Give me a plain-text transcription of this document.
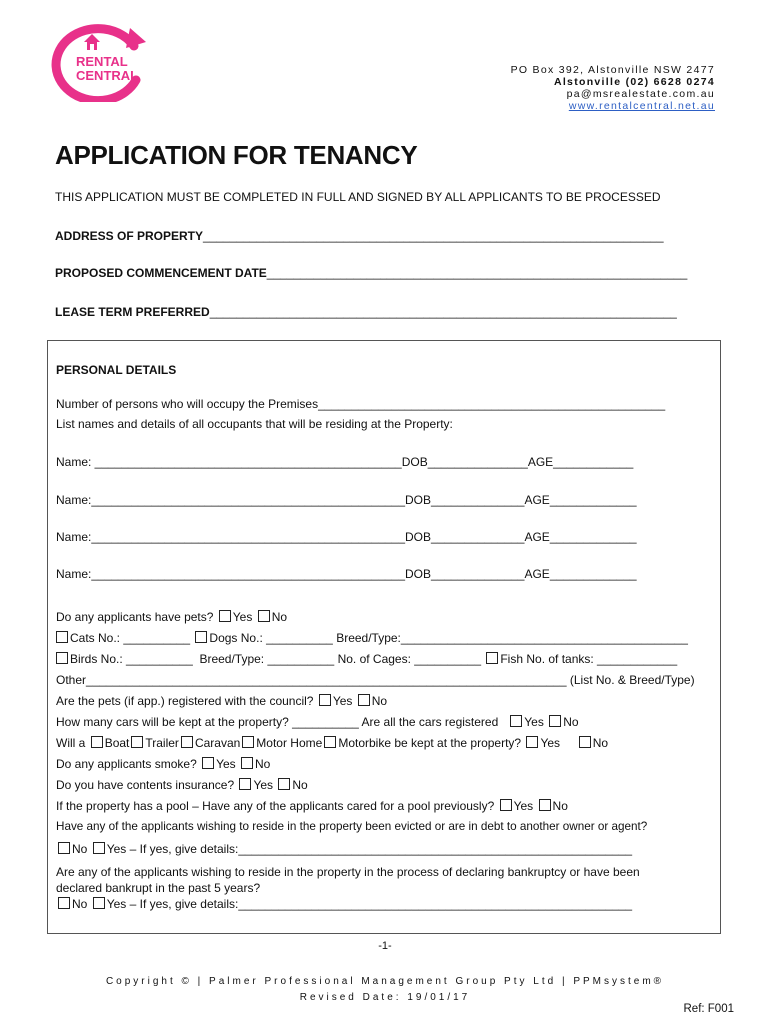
RENTAL
CENTRAL	PO Box 392, Alstonville NSW 2477
Alstonville (02) 6628 0274
pa@msrealestate.com.au
www.rentalcentral.net.au
APPLICATION FOR TENANCY
THIS APPLICATION MUST BE COMPLETED IN FULL AND SIGNED BY ALL APPLICANTS TO BE PROCESSED
ADDRESS OF PROPERTY_____________________________________________________________________
PROPOSED COMMENCEMENT DATE_______________________________________________________________
LEASE TERM PREFERRED______________________________________________________________________
PERSONAL DETAILS
Number of persons who will occupy the Premises____________________________________________________
List names and details of all occupants that will be residing at the Property:
Name: ______________________________________________DOB_______________AGE____________
Name:_______________________________________________DOB______________AGE_____________
Name:_______________________________________________DOB______________AGE_____________
Name:_______________________________________________DOB______________AGE_____________
Do any applicants have pets? Yes No
Cats No.: __________ Dogs No.: __________ Breed/Type:___________________________________________
Birds No.: __________  Breed/Type: __________ No. of Cages: __________ Fish No. of tanks: ____________
Other________________________________________________________________________ (List No. & Breed/Type)
Are the pets (if app.) registered with the council? Yes No
How many cars will be kept at the property? __________ Are all the cars registered Yes No
Will a Boat Trailer Caravan Motor Home Motorbike be kept at the property? Yes	No
Do any applicants smoke? Yes No
Do you have contents insurance? Yes No
If the property has a pool – Have any of the applicants cared for a pool previously? Yes No
Have any of the applicants wishing to reside in the property been evicted or are in debt to another owner or agent?
No Yes – If yes, give details:___________________________________________________________
Are any of the applicants wishing to reside in the property in the process of declaring bankruptcy or have been
declared bankrupt in the past 5 years?
No Yes – If yes, give details:___________________________________________________________
-1-
Copyright © | Palmer Professional Management Group Pty Ltd | PPMsystem®
Revised Date: 19/01/17
Ref: F001
